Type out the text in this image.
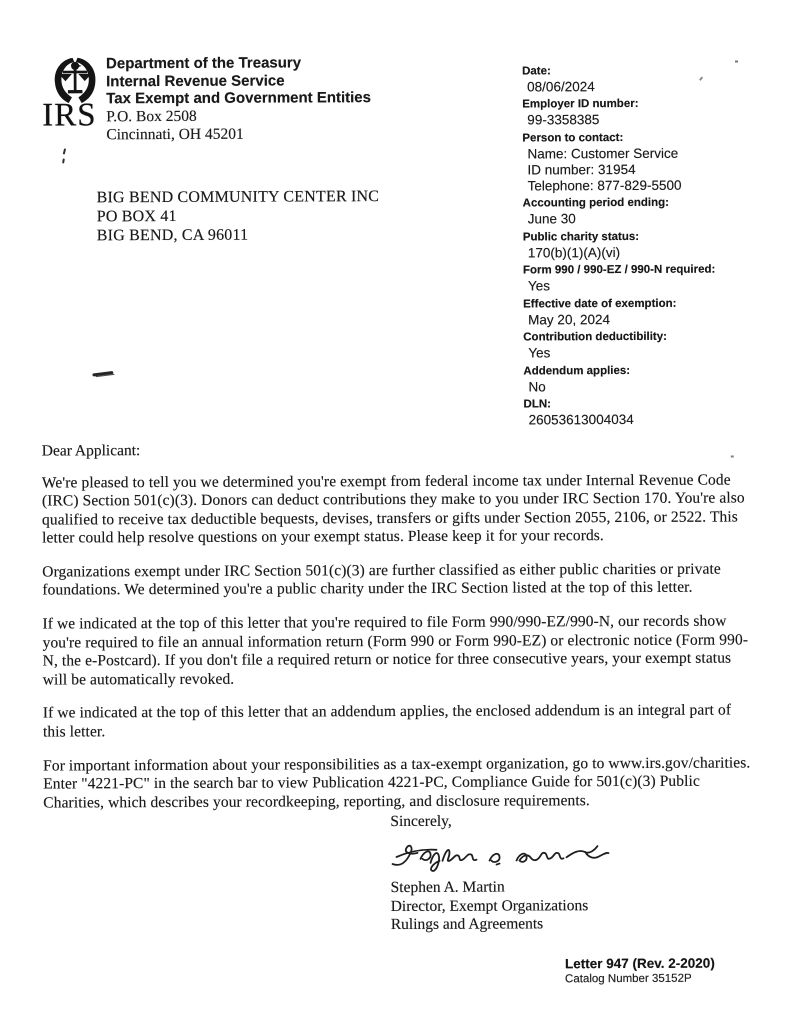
IRS
Department of the Treasury
Internal Revenue Service
Tax Exempt and Government Entities
P.O. Box 2508
Cincinnati, OH 45201
BIG BEND COMMUNITY CENTER INC
PO BOX 41
BIG BEND, CA 96011
Date:
08/06/2024
Employer ID number:
99-3358385
Person to contact:
Name: Customer Service
ID number: 31954
Telephone: 877-829-5500
Accounting period ending:
June 30
Public charity status:
170(b)(1)(A)(vi)
Form 990 / 990-EZ / 990-N required:
Yes
Effective date of exemption:
May 20, 2024
Contribution deductibility:
Yes
Addendum applies:
No
DLN:
26053613004034
Dear Applicant:

We're pleased to tell you we determined you're exempt from federal income tax under Internal Revenue Code (IRC) Section 501(c)(3). Donors can deduct contributions they make to you under IRC Section 170. You're also qualified to receive tax deductible bequests, devises, transfers or gifts under Section 2055, 2106, or 2522. This letter could help resolve questions on your exempt status. Please keep it for your records.

Organizations exempt under IRC Section 501(c)(3) are further classified as either public charities or private foundations. We determined you're a public charity under the IRC Section listed at the top of this letter.

If we indicated at the top of this letter that you're required to file Form 990/990-EZ/990-N, our records show you're required to file an annual information return (Form 990 or Form 990-EZ) or electronic notice (Form 990-N, the e-Postcard). If you don't file a required return or notice for three consecutive years, your exempt status will be automatically revoked.

If we indicated at the top of this letter that an addendum applies, the enclosed addendum is an integral part of this letter.

For important information about your responsibilities as a tax-exempt organization, go to www.irs.gov/charities. Enter "4221-PC" in the search bar to view Publication 4221-PC, Compliance Guide for 501(c)(3) Public Charities, which describes your recordkeeping, reporting, and disclosure requirements.

Sincerely,
Stephen A. Martin
Director, Exempt Organizations
Rulings and Agreements
Letter 947 (Rev. 2-2020)
Catalog Number 35152P
